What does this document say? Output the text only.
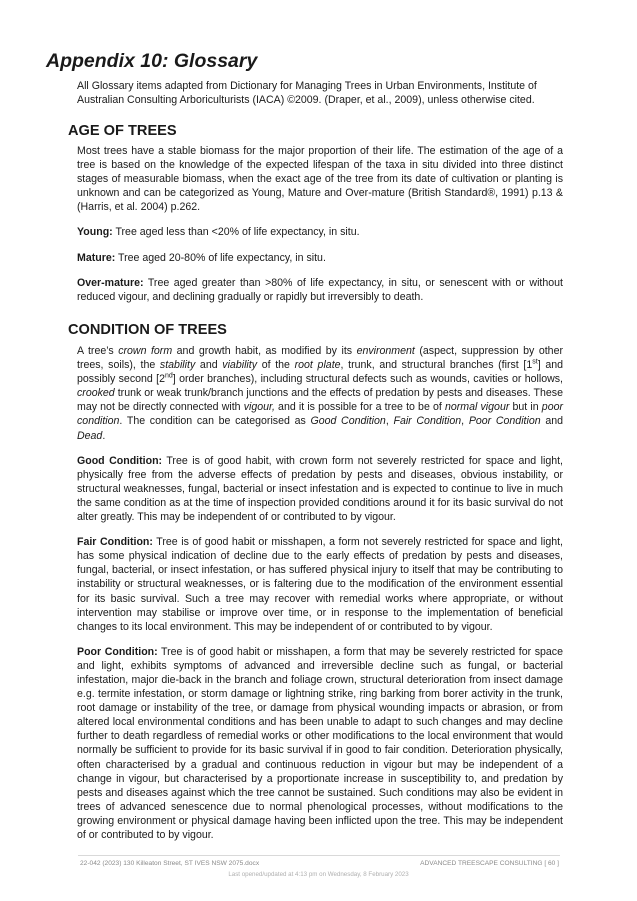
Appendix 10: Glossary

All Glossary items adapted from Dictionary for Managing Trees in Urban Environments, Institute of Australian Consulting Arboriculturists (IACA) ©2009. (Draper, et al., 2009), unless otherwise cited.

AGE OF TREES

Most trees have a stable biomass for the major proportion of their life. The estimation of the age of a tree is based on the knowledge of the expected lifespan of the taxa in situ divided into three distinct stages of measurable biomass, when the exact age of the tree from its date of cultivation or planting is unknown and can be categorized as Young, Mature and Over-mature (British Standard®, 1991) p.13 & (Harris, et al. 2004) p.262.

Young: Tree aged less than <20% of life expectancy, in situ.

Mature: Tree aged 20-80% of life expectancy, in situ.

Over-mature: Tree aged greater than >80% of life expectancy, in situ, or senescent with or without reduced vigour, and declining gradually or rapidly but irreversibly to death.

CONDITION OF TREES

A tree’s crown form and growth habit, as modified by its environment (aspect, suppression by other trees, soils), the stability and viability of the root plate, trunk, and structural branches (first [1st] and possibly second [2nd] order branches), including structural defects such as wounds, cavities or hollows, crooked trunk or weak trunk/branch junctions and the effects of predation by pests and diseases. These may not be directly connected with vigour, and it is possible for a tree to be of normal vigour but in poor condition. The condition can be categorised as Good Condition, Fair Condition, Poor Condition and Dead.

Good Condition: Tree is of good habit, with crown form not severely restricted for space and light, physically free from the adverse effects of predation by pests and diseases, obvious instability, or structural weaknesses, fungal, bacterial or insect infestation and is expected to continue to live in much the same condition as at the time of inspection provided conditions around it for its basic survival do not alter greatly. This may be independent of or contributed to by vigour.

Fair Condition: Tree is of good habit or misshapen, a form not severely restricted for space and light, has some physical indication of decline due to the early effects of predation by pests and diseases, fungal, bacterial, or insect infestation, or has suffered physical injury to itself that may be contributing to instability or structural weaknesses, or is faltering due to the modification of the environment essential for its basic survival. Such a tree may recover with remedial works where appropriate, or without intervention may stabilise or improve over time, or in response to the implementation of beneficial changes to its local environment. This may be independent of or contributed to by vigour.

Poor Condition: Tree is of good habit or misshapen, a form that may be severely restricted for space and light, exhibits symptoms of advanced and irreversible decline such as fungal, or bacterial infestation, major die-back in the branch and foliage crown, structural deterioration from insect damage e.g. termite infestation, or storm damage or lightning strike, ring barking from borer activity in the trunk, root damage or instability of the tree, or damage from physical wounding impacts or abrasion, or from altered local environmental conditions and has been unable to adapt to such changes and may decline further to death regardless of remedial works or other modifications to the local environment that would normally be sufficient to provide for its basic survival if in good to fair condition. Deterioration physically, often characterised by a gradual and continuous reduction in vigour but may be independent of a change in vigour, but characterised by a proportionate increase in susceptibility to, and predation by pests and diseases against which the tree cannot be sustained. Such conditions may also be evident in trees of advanced senescence due to normal phenological processes, without modifications to the growing environment or physical damage having been inflicted upon the tree. This may be independent of or contributed to by vigour.

22-042 (2023) 130 Killeaton Street, ST IVES NSW 2075.docx	ADVANCED TREESCAPE CONSULTING [ 60 ]
Last opened/updated at 4:13 pm on Wednesday, 8 February 2023
